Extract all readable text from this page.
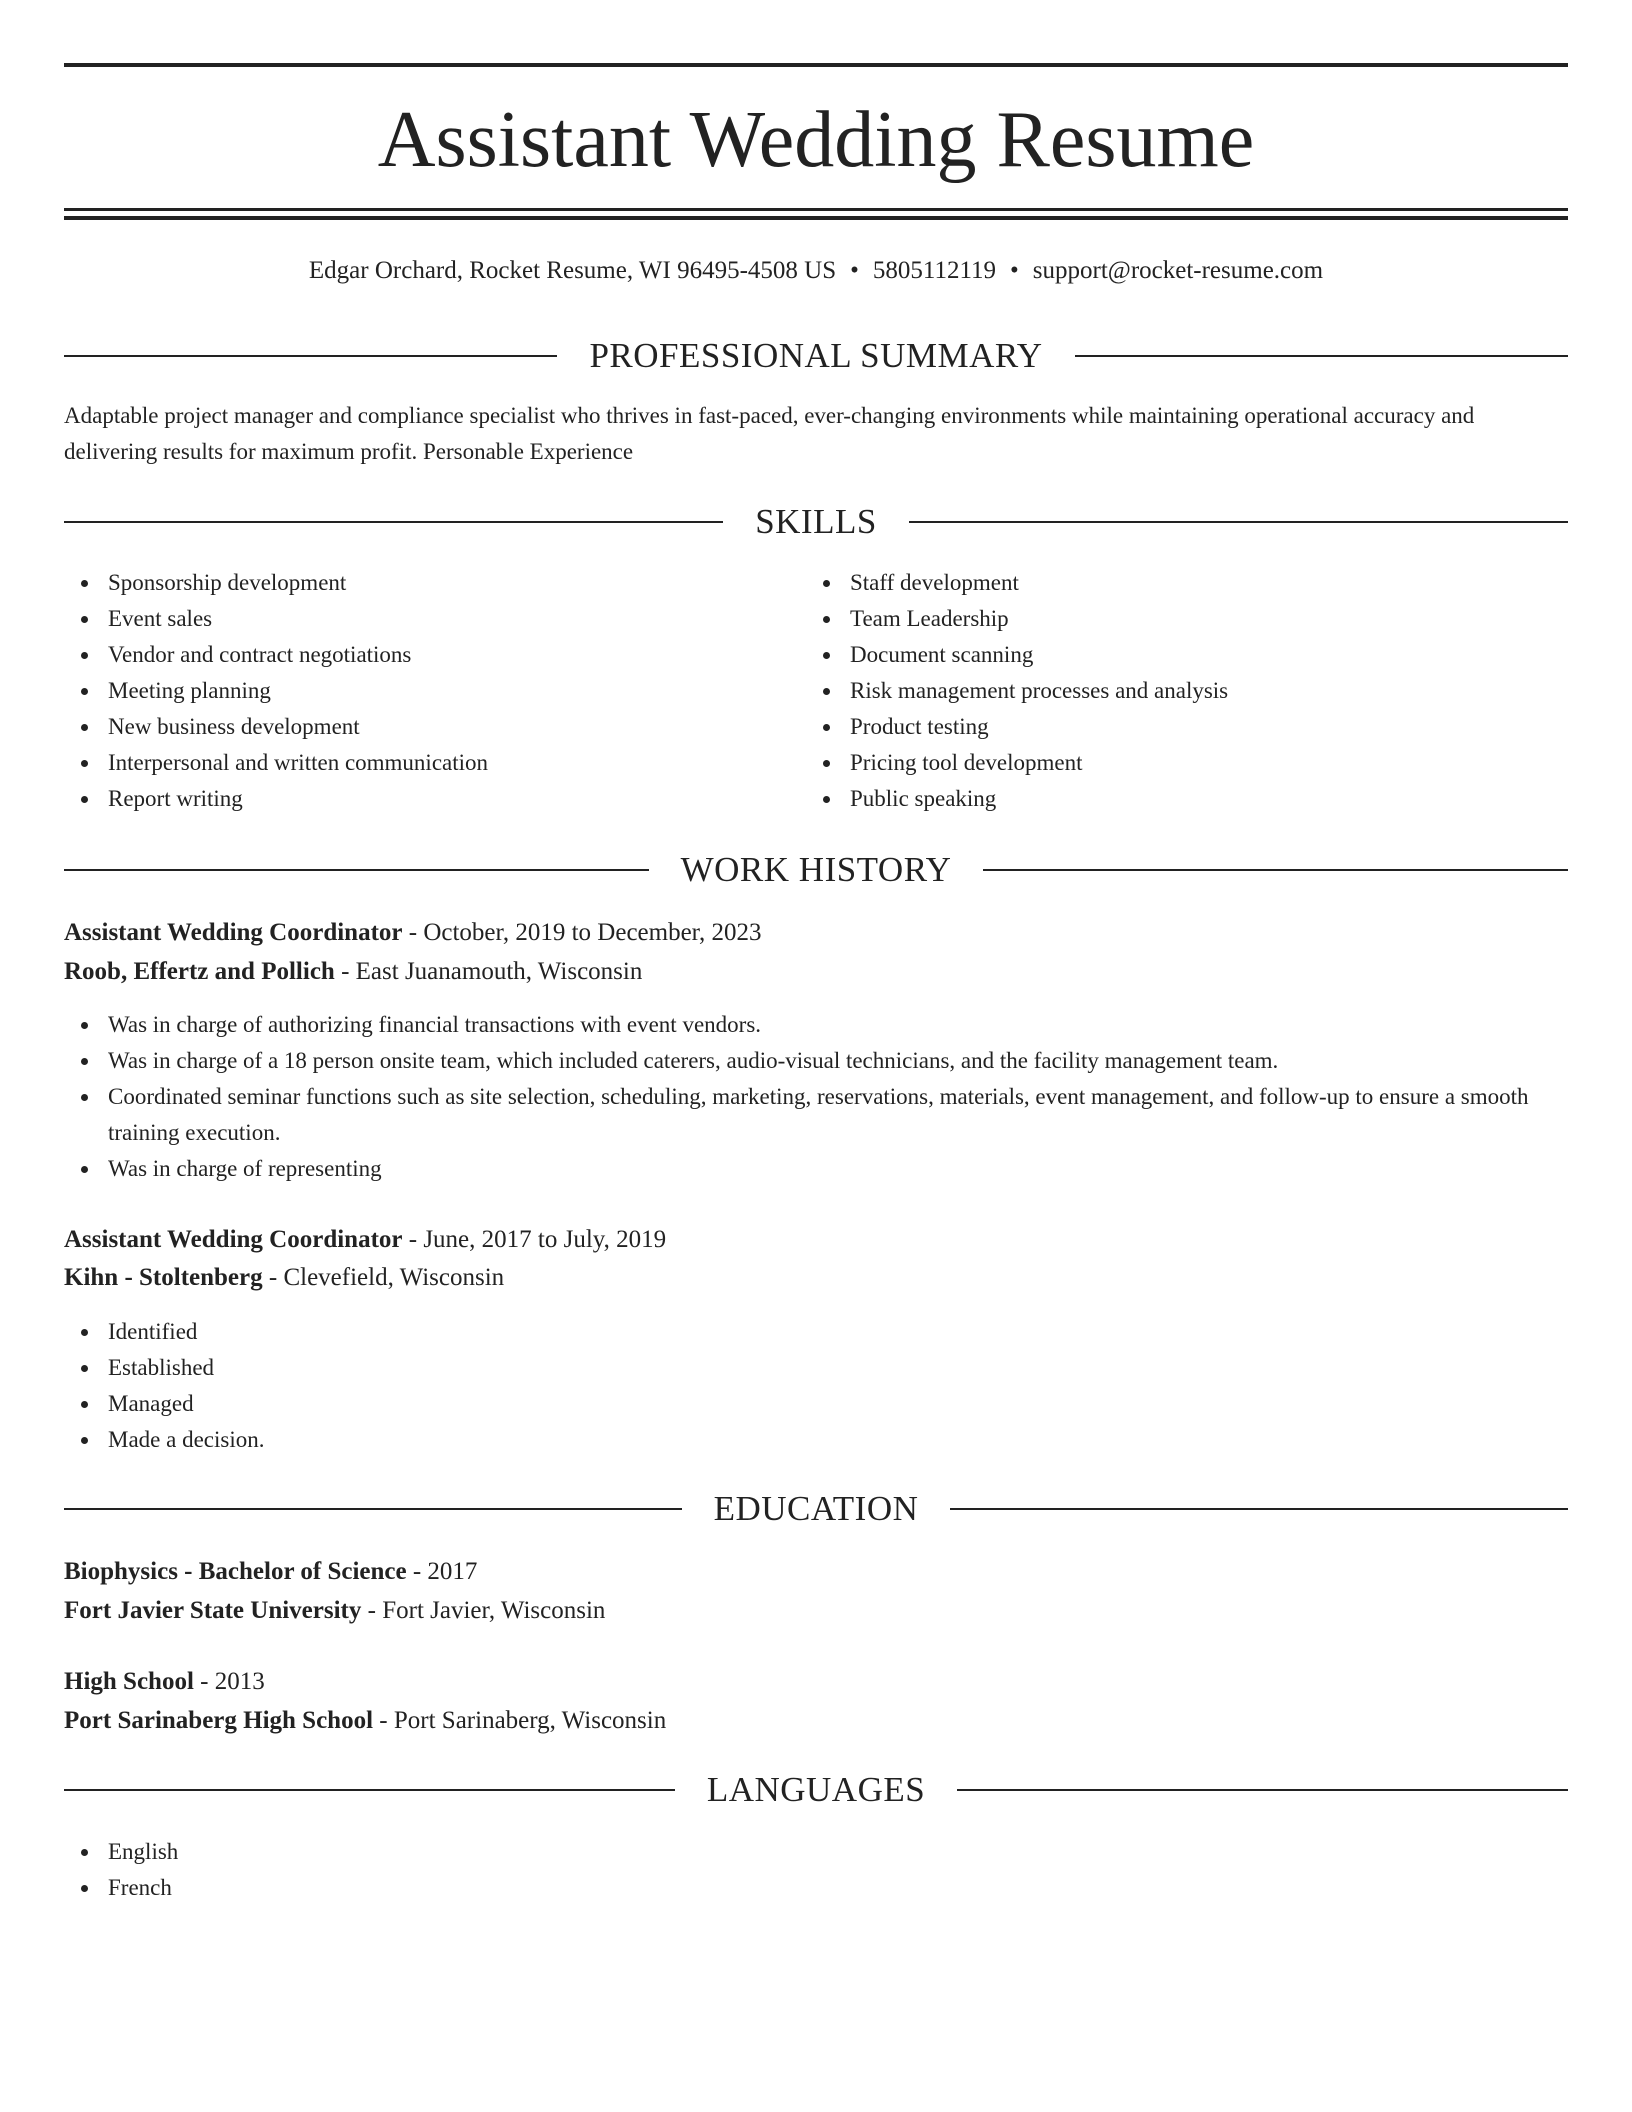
Assistant Wedding Resume
Edgar Orchard, Rocket Resume, WI 96495-4508 US • 5805112119 • support@rocket-resume.com
PROFESSIONAL SUMMARY

Adaptable project manager and compliance specialist who thrives in fast-paced, ever-changing environments while maintaining operational accuracy and delivering results for maximum profit. Personable Experience

SKILLS
Sponsorship development
Event sales
Vendor and contract negotiations
Meeting planning
New business development
Interpersonal and written communication
Report writing
Staff development
Team Leadership
Document scanning
Risk management processes and analysis
Product testing
Pricing tool development
Public speaking
WORK HISTORY
Assistant Wedding Coordinator - October, 2019 to December, 2023
Roob, Effertz and Pollich - East Juanamouth, Wisconsin
Was in charge of authorizing financial transactions with event vendors.
Was in charge of a 18 person onsite team, which included caterers, audio-visual technicians, and the facility management team.
Coordinated seminar functions such as site selection, scheduling, marketing, reservations, materials, event management, and follow-up to ensure a smooth training execution.
Was in charge of representing
Assistant Wedding Coordinator - June, 2017 to July, 2019
Kihn - Stoltenberg - Clevefield, Wisconsin
Identified
Established
Managed
Made a decision.
EDUCATION
Biophysics - Bachelor of Science - 2017
Fort Javier State University - Fort Javier, Wisconsin
High School - 2013
Port Sarinaberg High School - Port Sarinaberg, Wisconsin
LANGUAGES
English
French
